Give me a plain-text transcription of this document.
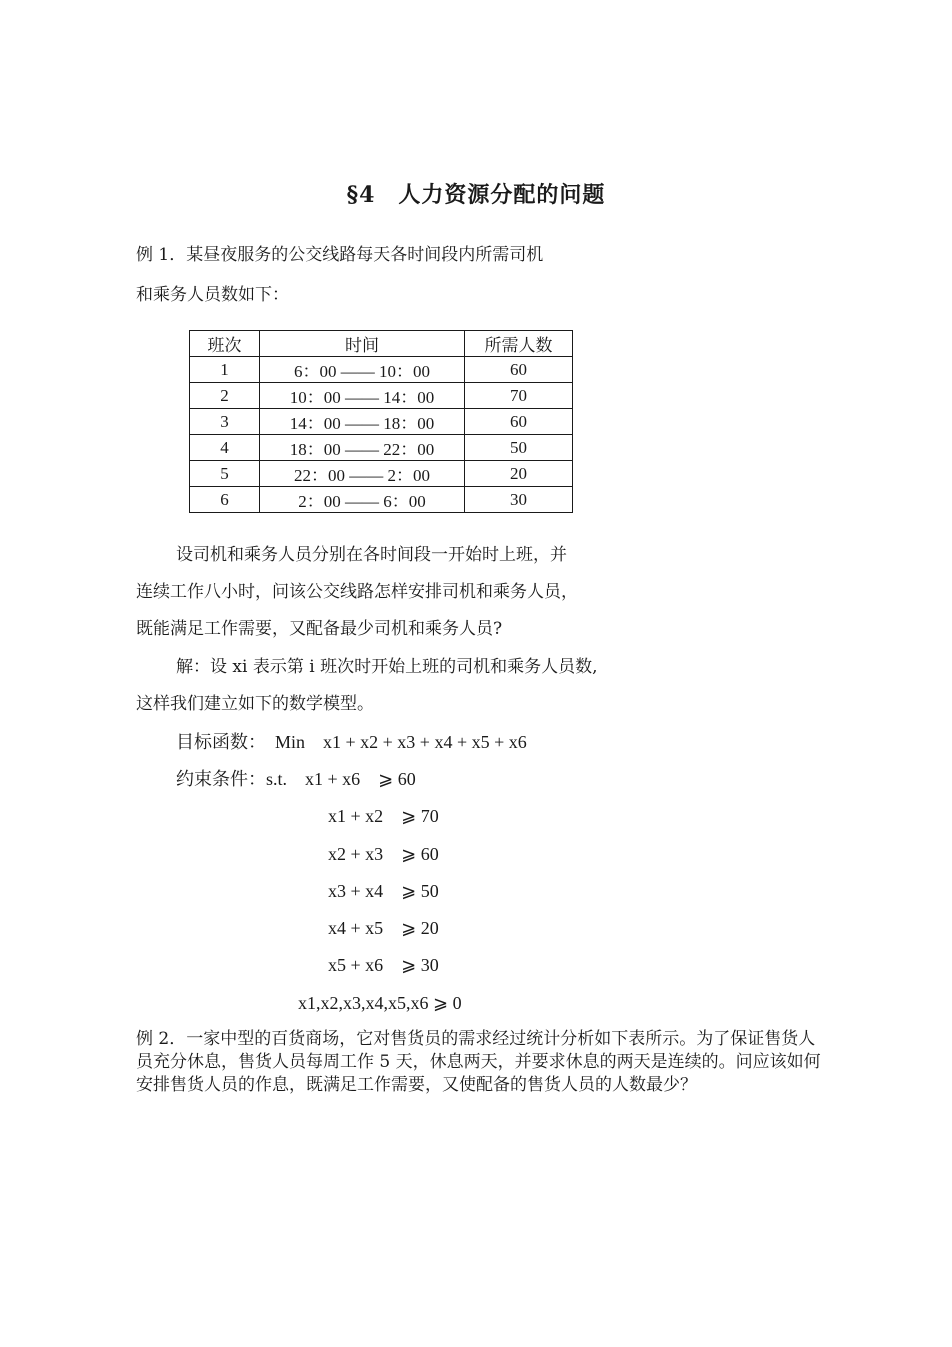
§4　人力资源分配的问题
例 1．某昼夜服务的公交线路每天各时间段内所需司机
和乘务人员数如下：
班次	时间	所需人数
1	6：00 —— 10：00	60
2	10：00 —— 14：00	70
3	14：00 —— 18：00	60
4	18：00 —— 22：00	50
5	22：00 —— 2：00	20
6	2：00 —— 6：00	30
设司机和乘务人员分别在各时间段一开始时上班，并
连续工作八小时，问该公交线路怎样安排司机和乘务人员，
既能满足工作需要，又配备最少司机和乘务人员?
解：设 xi 表示第 i 班次时开始上班的司机和乘务人员数,
这样我们建立如下的数学模型。
目标函数：　Min　x1 + x2 + x3 + x4 + x5 + x6
约束条件：s.t.　x1 + x6　⩾ 60
x1 + x2　⩾ 70
x2 + x3　⩾ 60
x3 + x4　⩾ 50
x4 + x5　⩾ 20
x5 + x6　⩾ 30
x1,x2,x3,x4,x5,x6 ⩾ 0
例 2．一家中型的百货商场，它对售货员的需求经过统计分析如下表所示。为了保证售货人员充分休息，售货人员每周工作 5 天，休息两天，并要求休息的两天是连续的。问应该如何安排售货人员的作息，既满足工作需要，又使配备的售货人员的人数最少？
